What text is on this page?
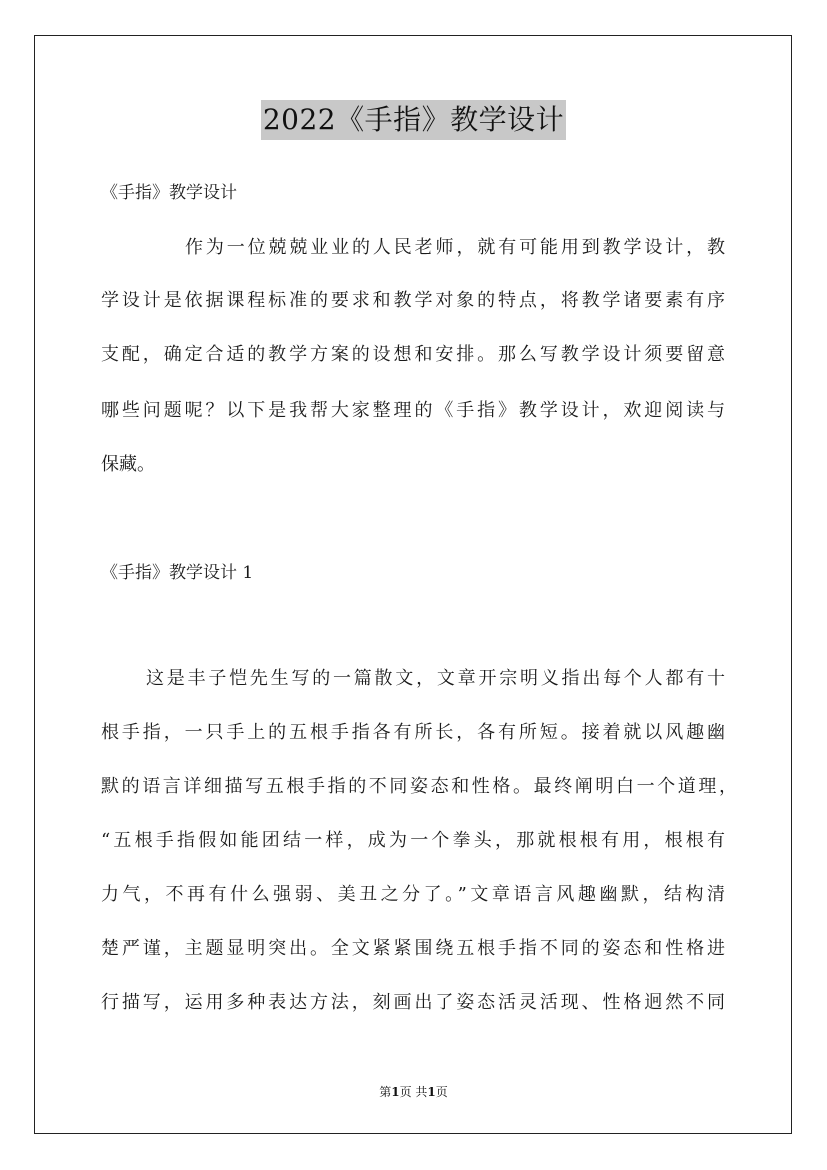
2022《手指》教学设计
《手指》教学设计
作为一位兢兢业业的人民老师，就有可能用到教学设计，教
学设计是依据课程标准的要求和教学对象的特点，将教学诸要素有序
支配，确定合适的教学方案的设想和安排。那么写教学设计须要留意
哪些问题呢？以下是我帮大家整理的《手指》教学设计，欢迎阅读与
保藏。
《手指》教学设计 1
这是丰子恺先生写的一篇散文，文章开宗明义指出每个人都有十
根手指，一只手上的五根手指各有所长，各有所短。接着就以风趣幽
默的语言详细描写五根手指的不同姿态和性格。最终阐明白一个道理，
“五根手指假如能团结一样，成为一个拳头，那就根根有用，根根有
力气，不再有什么强弱、美丑之分了。”文章语言风趣幽默，结构清
楚严谨，主题显明突出。全文紧紧围绕五根手指不同的姿态和性格进
行描写，运用多种表达方法，刻画出了姿态活灵活现、性格迥然不同
第1页 共1页
